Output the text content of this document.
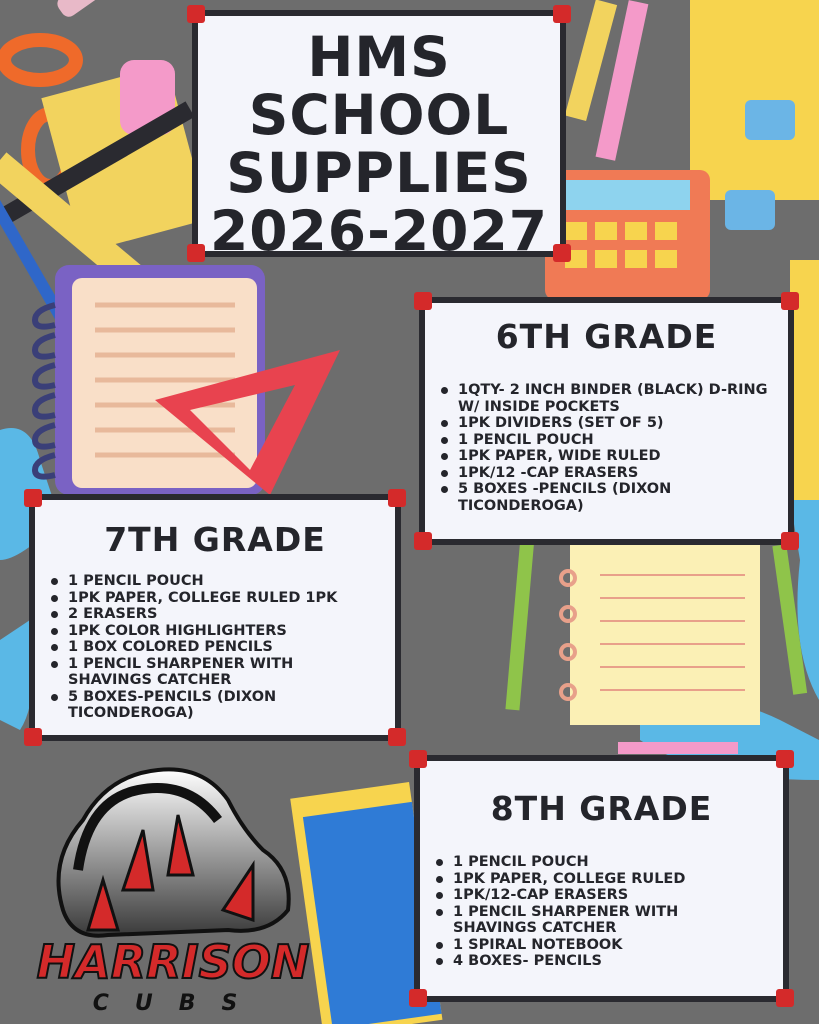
HMS
SCHOOL
SUPPLIES
2026-2027
6TH GRADE
1QTY- 2 INCH BINDER (BLACK) D-RING W/ INSIDE POCKETS
1PK DIVIDERS (SET OF 5)
1 PENCIL POUCH
1PK PAPER, WIDE RULED
1PK/12 -CAP ERASERS
5 BOXES -PENCILS (DIXON TICONDEROGA)
7TH GRADE
1 PENCIL POUCH
1PK PAPER, COLLEGE RULED 1PK
2 ERASERS
1PK COLOR HIGHLIGHTERS
1 BOX COLORED PENCILS
1 PENCIL SHARPENER WITH SHAVINGS CATCHER
5 BOXES-PENCILS (DIXON TICONDEROGA)
8TH GRADE
1 PENCIL POUCH
1PK PAPER, COLLEGE RULED
1PK/12-CAP ERASERS
1 PENCIL SHARPENER WITH SHAVINGS CATCHER
1 SPIRAL NOTEBOOK
4 BOXES- PENCILS
HARRISON
CUBS
